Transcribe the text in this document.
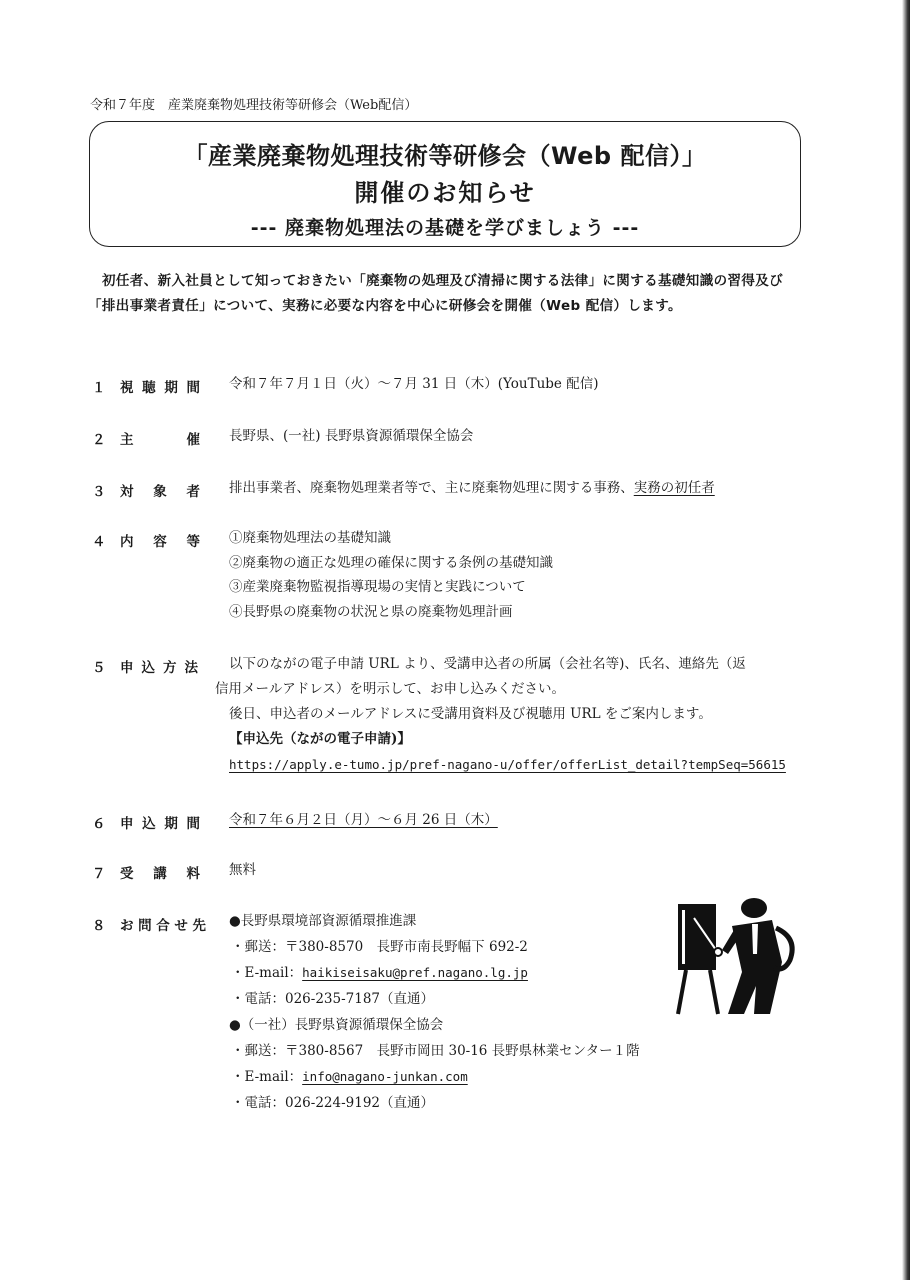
令和７年度　産業廃棄物処理技術等研修会（Web配信）
「産業廃棄物処理技術等研修会（Web 配信）」
開催のお知らせ
--- 廃棄物処理法の基礎を学びましょう ---
初任者、新入社員として知っておきたい「廃棄物の処理及び清掃に関する法律」に関する基礎知識の習得及び「排出事業者責任」について、実務に必要な内容を中心に研修会を開催（Web 配信）します。
１ 視聴期間 令和７年７月１日（火）～７月 31 日（木）(YouTube 配信)
２ 主　催 長野県、(一社) 長野県資源循環保全協会
３ 対象者 排出事業者、廃棄物処理業者等で、主に廃棄物処理に関する事務、実務の初任者
４ 内容等 ①廃棄物処理法の基礎知識
②廃棄物の適正な処理の確保に関する条例の基礎知識
③産業廃棄物監視指導現場の実情と実践について
④長野県の廃棄物の状況と県の廃棄物処理計画
５ 申込方法	以下のながの電子申請 URL より、受講申込者の所属（会社名等)、氏名、連絡先（返
信用メールアドレス）を明示して、お申し込みください。
後日、申込者のメールアドレスに受講用資料及び視聴用 URL をご案内します。
【申込先（ながの電子申請)】
https://apply.e-tumo.jp/pref-nagano-u/offer/offerList_detail?tempSeq=56615
６ 申込期間 令和７年６月２日（月）～６月 26 日（木）
７ 受講料 無料
８ お問合せ先 ●長野県環境部資源循環推進課
・郵送：〒380-8570　長野市南長野幅下 692-2
・E-mail：haikiseisaku@pref.nagano.lg.jp
・電話：026-235-7187（直通）
●（一社）長野県資源循環保全協会
・郵送：〒380-8567　長野市岡田 30-16 長野県林業センター１階
・E-mail：info@nagano-junkan.com
・電話：026-224-9192（直通）
